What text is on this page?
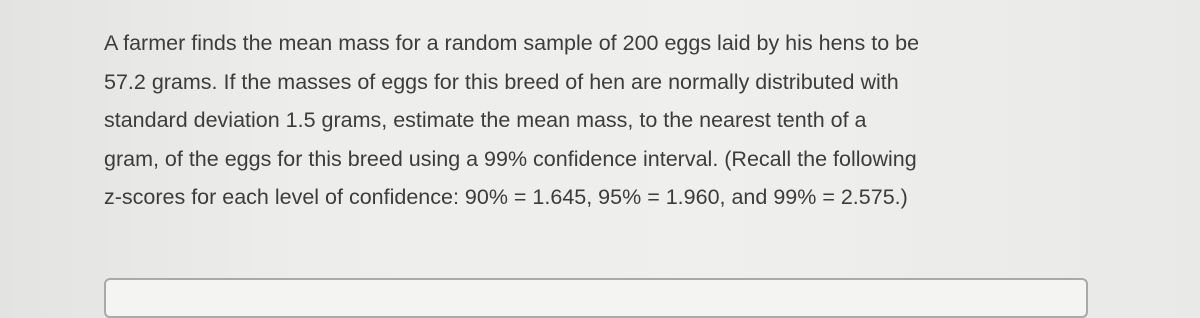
A farmer finds the mean mass for a random sample of 200 eggs laid by his hens to be
57.2 grams. If the masses of eggs for this breed of hen are normally distributed with
standard deviation 1.5 grams, estimate the mean mass, to the nearest tenth of a
gram, of the eggs for this breed using a 99% confidence interval. (Recall the following
z-scores for each level of confidence: 90% = 1.645, 95% = 1.960, and 99% = 2.575.)
